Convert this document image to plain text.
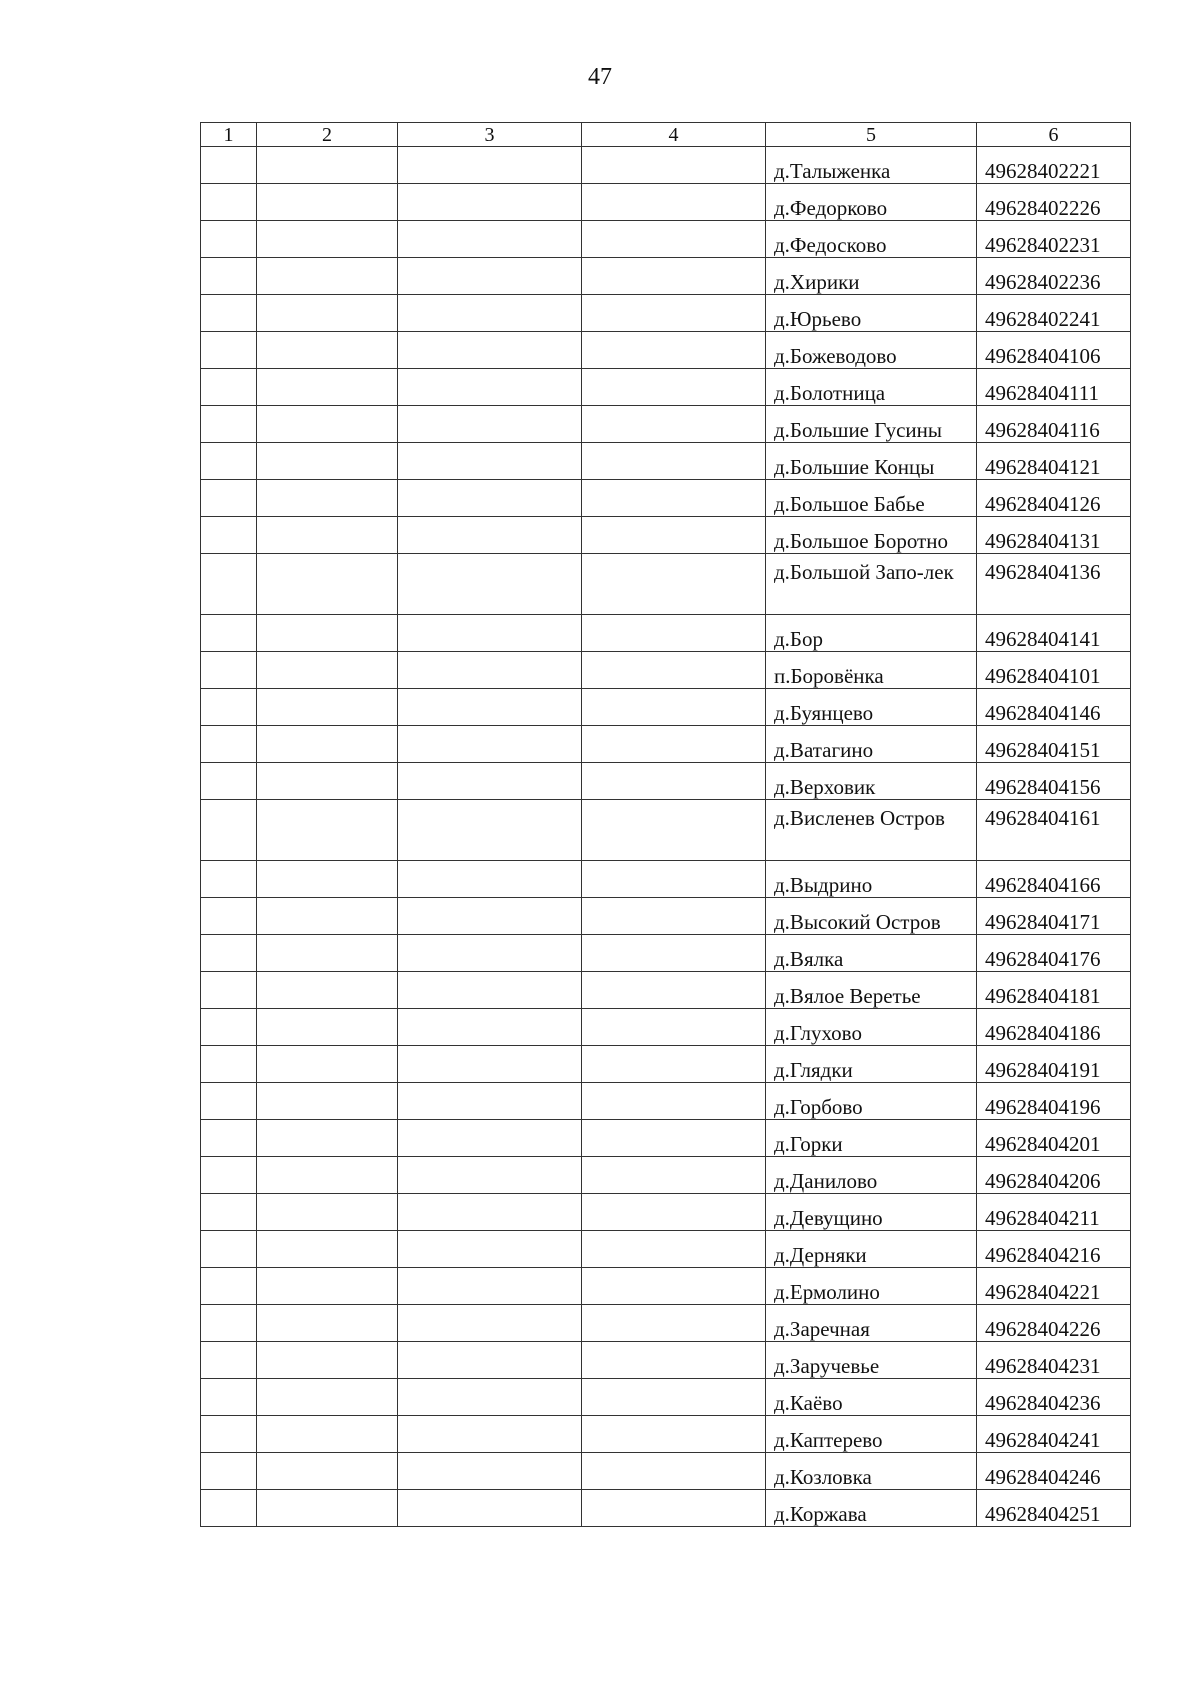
47
1	2	3	4	5	6
				д.Талыженка	49628402221
				д.Федорково	49628402226
				д.Федосково	49628402231
				д.Хирики	49628402236
				д.Юрьево	49628402241
				д.Божеводово	49628404106
				д.Болотница	49628404111
				д.Большие Гусины	49628404116
				д.Большие Концы	49628404121
				д.Большое Бабье	49628404126
				д.Большое Боротно	49628404131
				д.Большой Запо-лек	49628404136
				д.Бор	49628404141
				п.Боровёнка	49628404101
				д.Буянцево	49628404146
				д.Ватагино	49628404151
				д.Верховик	49628404156
				д.Висленев Остров	49628404161
				д.Выдрино	49628404166
				д.Высокий Остров	49628404171
				д.Вялка	49628404176
				д.Вялое Веретье	49628404181
				д.Глухово	49628404186
				д.Глядки	49628404191
				д.Горбово	49628404196
				д.Горки	49628404201
				д.Данилово	49628404206
				д.Девущино	49628404211
				д.Дерняки	49628404216
				д.Ермолино	49628404221
				д.Заречная	49628404226
				д.Заручевье	49628404231
				д.Каёво	49628404236
				д.Каптерево	49628404241
				д.Козловка	49628404246
				д.Коржава	49628404251
